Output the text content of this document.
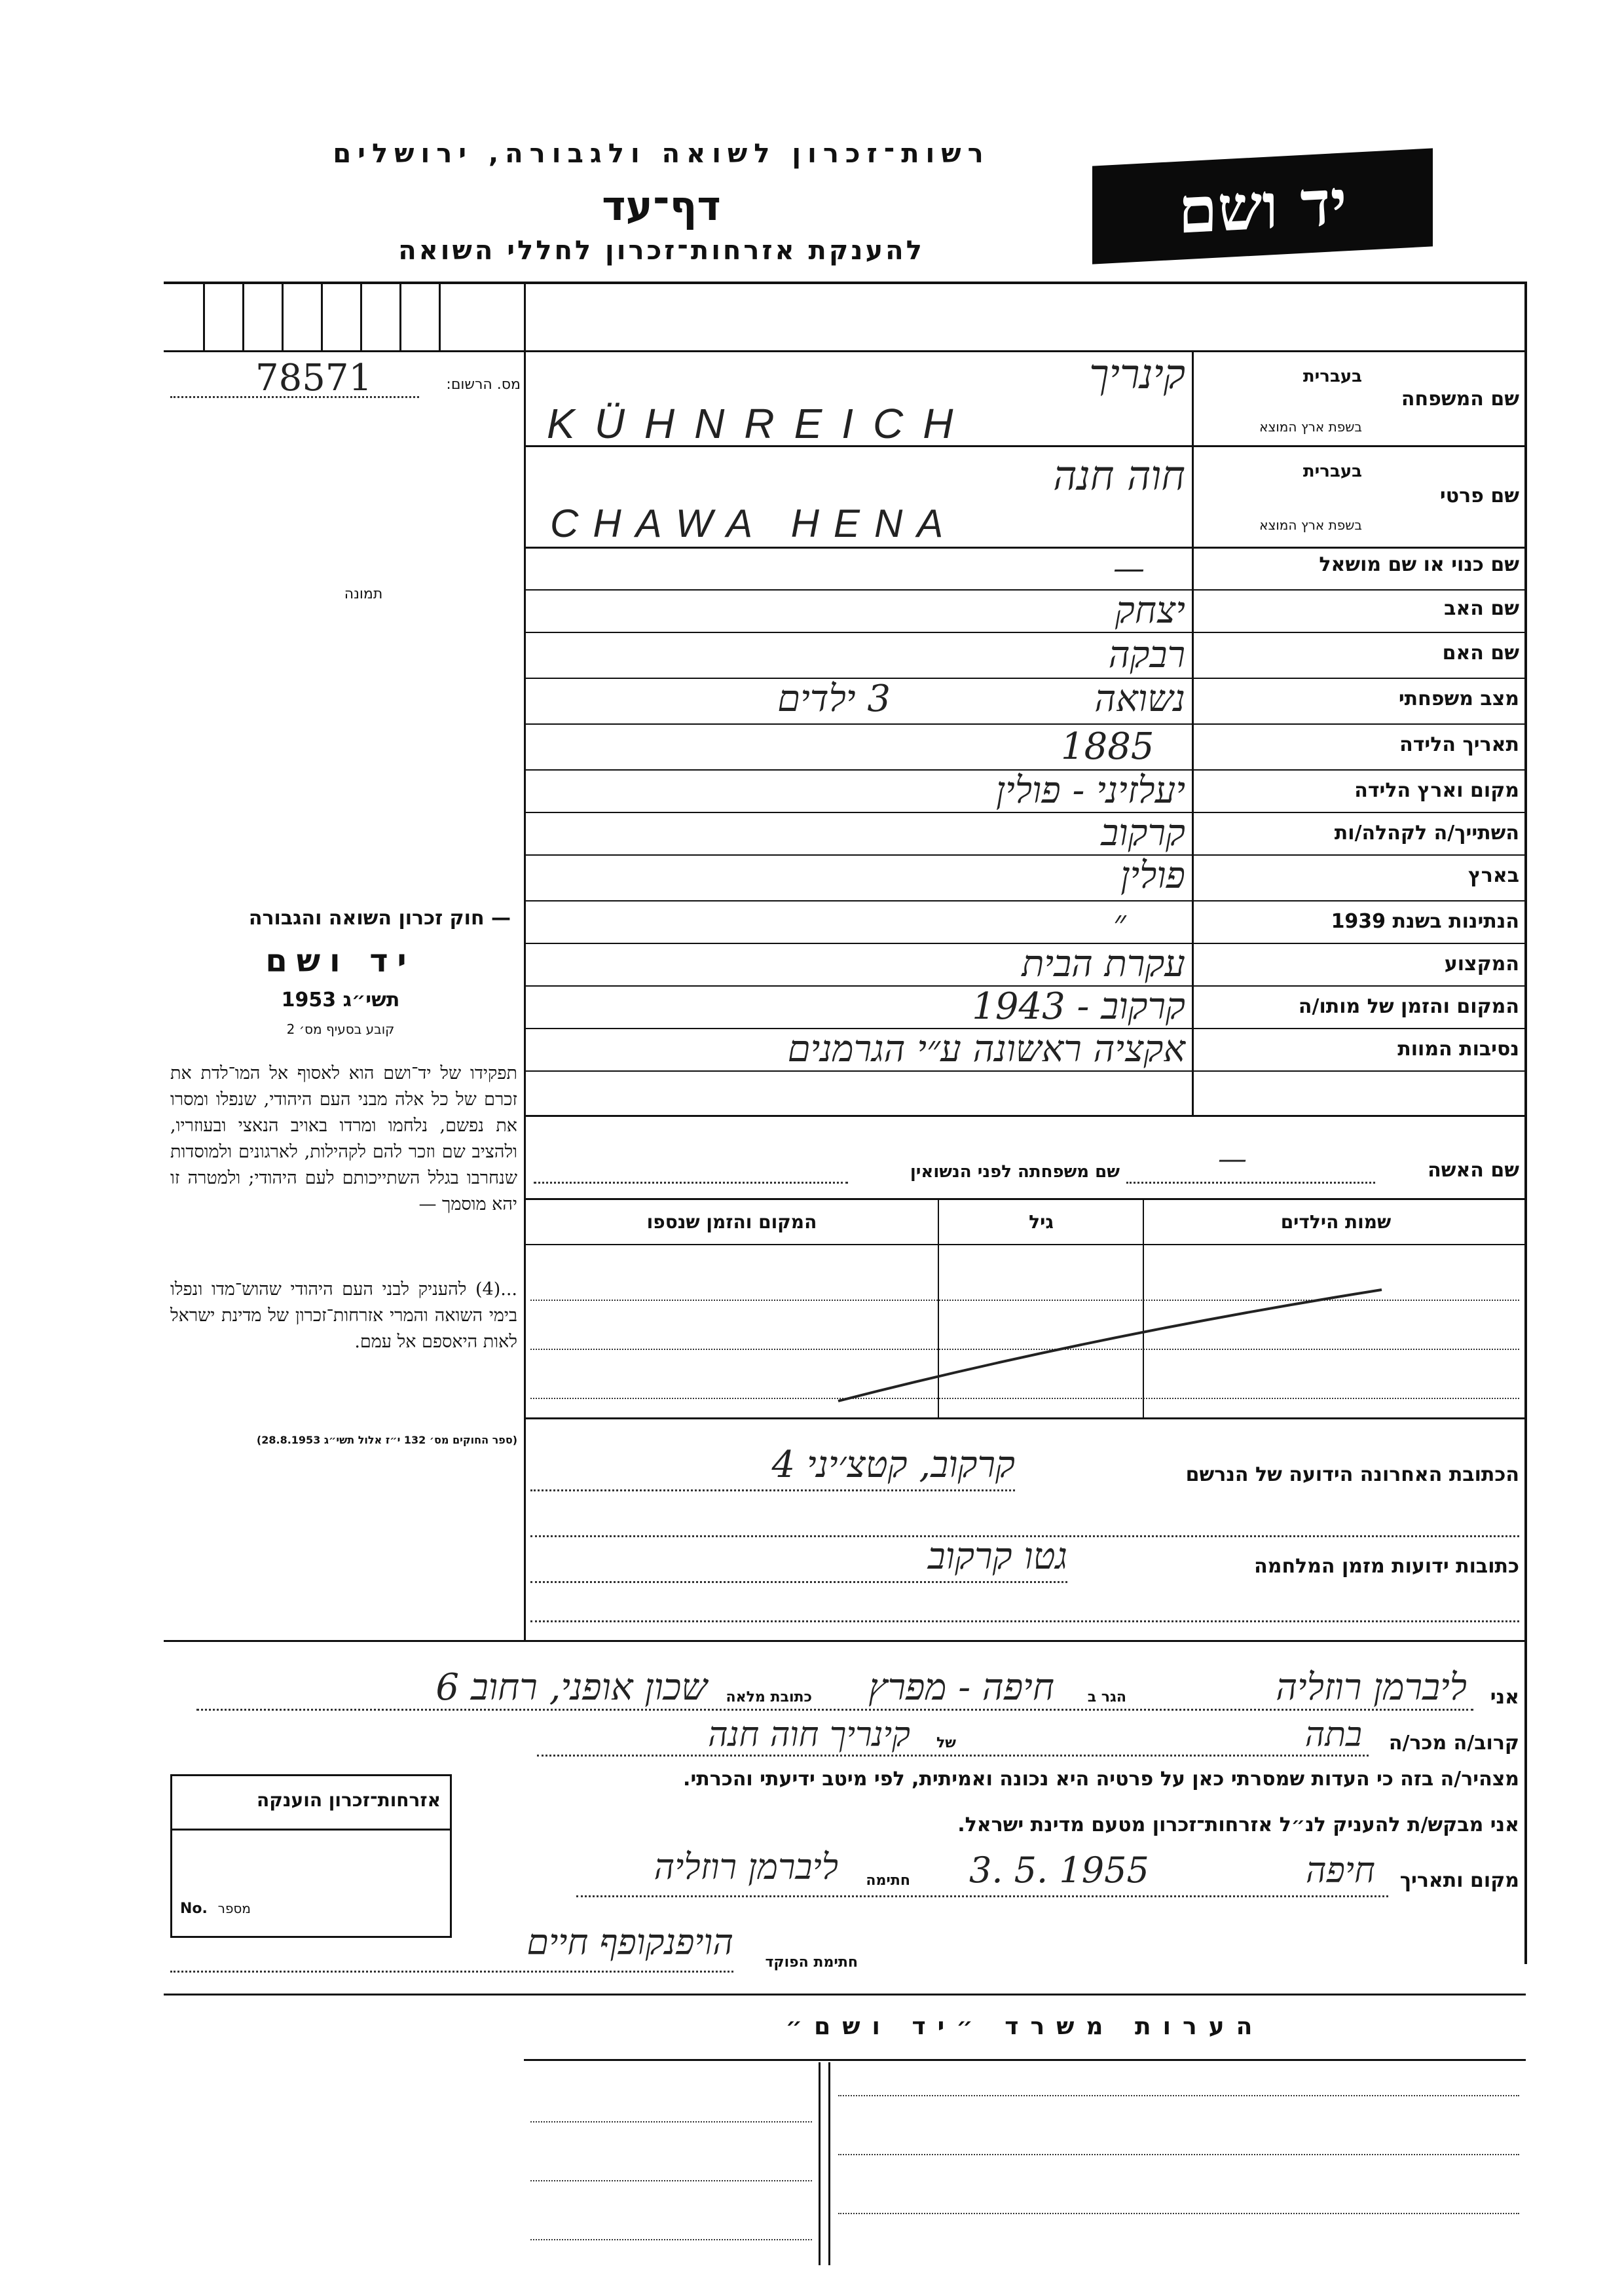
רשות־זכרון לשואה ולגבורה, ירושלים
דף־עד
להענקת אזרחות־זכרון לחללי השואה
יד ושם
מס. הרשום:
78571
תמונה
שם המשפחה
בעברית
בשפת ארץ המוצא
קינריך
KÜHNREICH
שם פרטי
בעברית
בשפת ארץ המוצא
חוה חנה
CHAWA HENA
שם כנוי או שם מושאל
—
שם האב
יצחק
שם האם
רבקה
מצב משפחתי
נשואה
3 ילדים
תאריך הלידה
1885
מקום וארץ הלידה
יעלזיני - פולין
השתייך/ה לקהלה/ות
קרקוב
בארץ
פולין
הנתינות בשנת 1939
״
המקצוע
עקרת הבית
המקום והזמן של מותו/ה
קרקוב - 1943
נסיבות המוות
אקציה ראשונה ע״י הגרמנים
שם האשה
—
שם משפחתה לפני הנשואין
שמות הילדים
גיל
המקום והזמן שנספו
הכתובת האחרונה הידועה של הנרשם
קרקוב, קטצ׳יני 4
כתובות ידועות מזמן המלחמה
גטו קרקוב
אני
ליברמן רוזליה
הגר ב
חיפה - מפרץ
כתובת מלאה
שכון אופני, רחוב 6
קרוב/ה מכר/ה
בתה
של
קינריך חוה חנה
מצהיר/ה בזה כי העדות שמסרתי כאן על פרטיה היא נכונה ואמיתית, לפי מיטב ידיעתי והכרתי.
אני מבקש/ת להעניק לנ״ל אזרחות־זכרון מטעם מדינת ישראל.
מקום ותאריך
חיפה
3. 5. 1955
חתימה
ליברמן רוזליה
חתימת הפוקד
הויפנקופף חיים
אזרחות־זכרון הוענקה
מספר
No.
— חוק זכרון השואה והגבורה
יד ושם
תשי״ג 1953
קובע בסעיף מס׳ 2
תפקידו של יד־ושם הוא לאסוף אל המו־לדת את זכרם של כל אלה מבני העם היהודי, שנפלו ומסרו את נפשם, נלחמו ומרדו באויב הנאצי ובעוזריו, ולהציב שם וזכר להם לקהילות, לארגונים ולמוסדות שנחרבו בגלל השתייכותם לעם היהודי; ולמטרה זו יהא מוסמך —
...(4) להעניק לבני העם היהודי שהוש־מדו ונפלו בימי השואה והמרי אזרחות־זכרון של מדינת ישראל לאות היאספם אל עמם.
(ספר החוקים מס׳ 132 י״ז אלול תשי״ג 28.8.1953)
הערות משרד ״יד ושם״
